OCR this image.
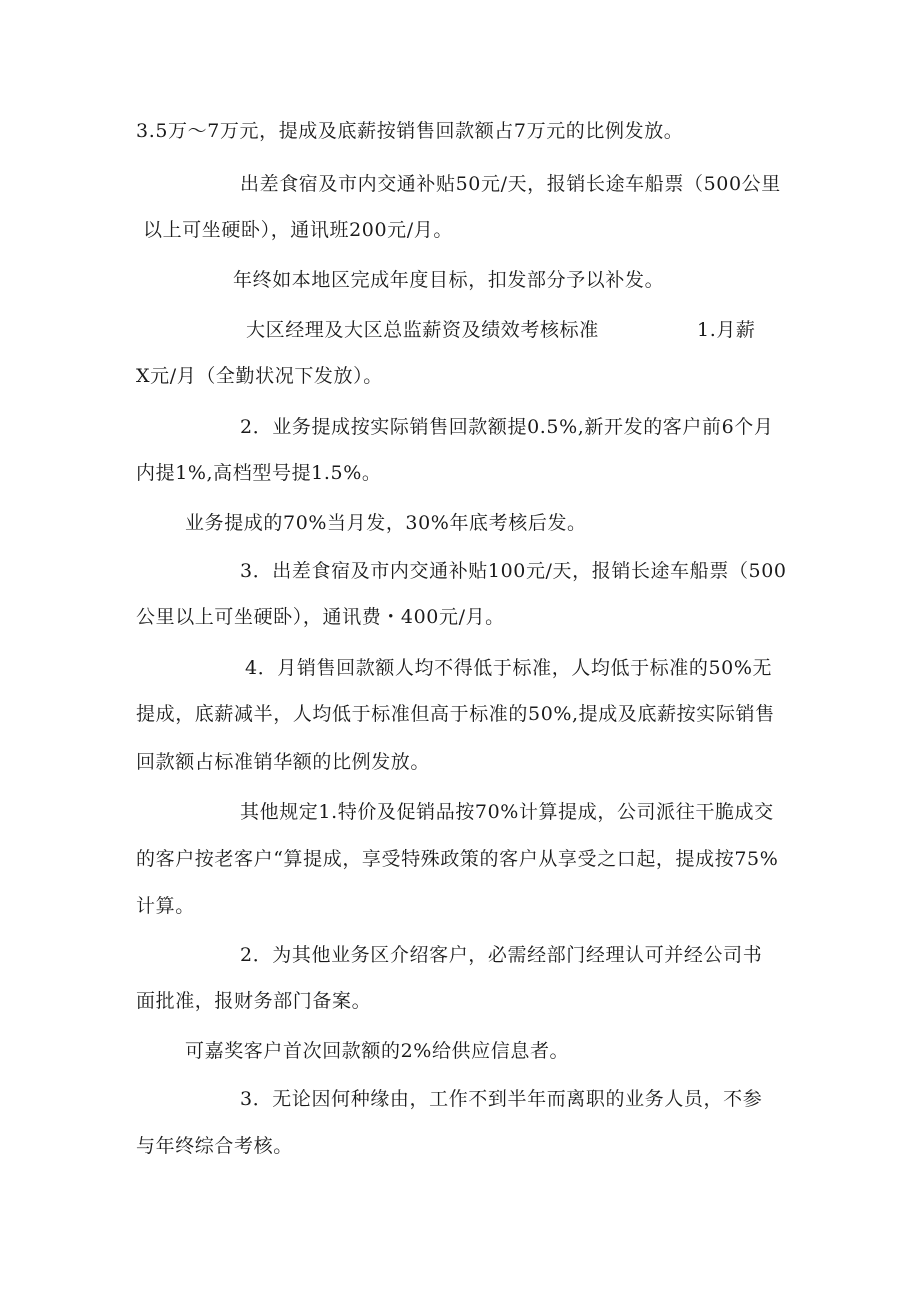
3.5万～7万元，提成及底薪按销售回款额占7万元的比例发放。
出差食宿及市内交通补贴50元/天，报销长途车船票（500公里
以上可坐硬卧），通讯班200元/月。
年终如本地区完成年度目标，扣发部分予以补发。
大区经理及大区总监薪资及绩效考核标准	1.月薪
X元/月（全勤状况下发放）。
2．业务提成按实际销售回款额提0.5%,新开发的客户前6个月
内提1%,高档型号提1.5%。
业务提成的70%当月发，30%年底考核后发。
3．出差食宿及市内交通补贴100元/天，报销长途车船票（500
公里以上可坐硬卧），通讯费・400元/月。
4．月销售回款额人均不得低于标准，人均低于标准的50%无
提成，底薪减半，人均低于标准但高于标准的50%,提成及底薪按实际销售
回款额占标准销华额的比例发放。
其他规定1.特价及促销品按70%计算提成，公司派往干脆成交
的客户按老客户“算提成，享受特殊政策的客户从享受之口起，提成按75%
计算。
2．为其他业务区介绍客户，必需经部门经理认可并经公司书
面批准，报财务部门备案。
可嘉奖客户首次回款额的2%给供应信息者。
3．无论因何种缘由，工作不到半年而离职的业务人员，不参
与年终综合考核。
